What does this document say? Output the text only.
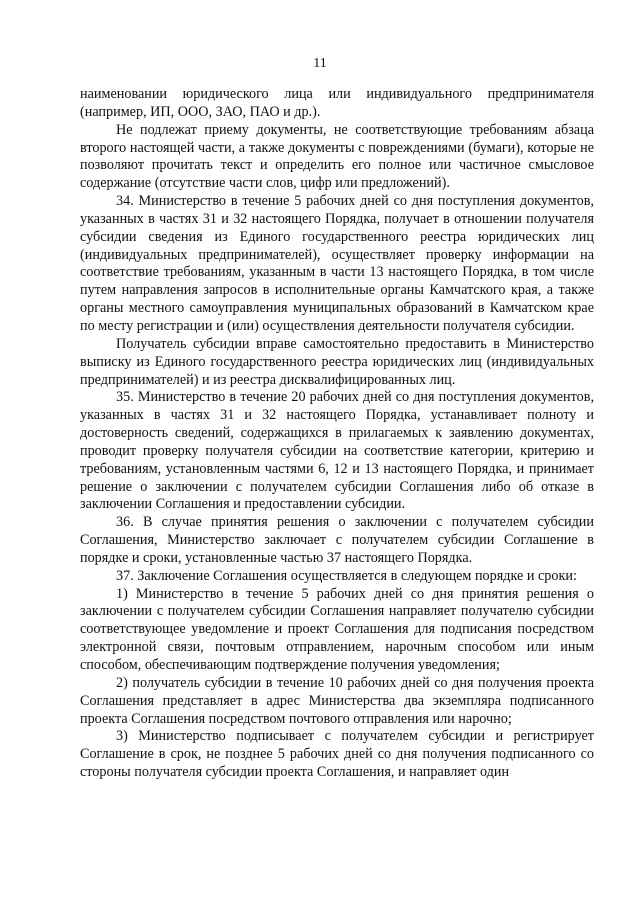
11

наименовании юридического лица или индивидуального предпринимателя (например, ИП, ООО, ЗАО, ПАО и др.).

Не подлежат приему документы, не соответствующие требованиям абзаца второго настоящей части, а также документы с повреждениями (бумаги), которые не позволяют прочитать текст и определить его полное или частичное смысловое содержание (отсутствие части слов, цифр или предложений).

34. Министерство в течение 5 рабочих дней со дня поступления документов, указанных в частях 31 и 32 настоящего Порядка, получает в отношении получателя субсидии сведения из Единого государственного реестра юридических лиц (индивидуальных предпринимателей), осуществляет проверку информации на соответствие требованиям, указанным в части 13 настоящего Порядка, в том числе путем направления запросов в исполнительные органы Камчатского края, а также органы местного самоуправления муниципальных образований в Камчатском крае по месту регистрации и (или) осуществления деятельности получателя субсидии.

Получатель субсидии вправе самостоятельно предоставить в Министерство выписку из Единого государственного реестра юридических лиц (индивидуальных предпринимателей) и из реестра дисквалифицированных лиц.

35. Министерство в течение 20 рабочих дней со дня поступления документов, указанных в частях 31 и 32 настоящего Порядка, устанавливает полноту и достоверность сведений, содержащихся в прилагаемых к заявлению документах, проводит проверку получателя субсидии на соответствие категории, критерию и требованиям, установленным частями 6, 12 и 13 настоящего Порядка, и принимает решение о заключении с получателем субсидии Соглашения либо об отказе в заключении Соглашения и предоставлении субсидии.

36. В случае принятия решения о заключении с получателем субсидии Соглашения, Министерство заключает с получателем субсидии Соглашение в порядке и сроки, установленные частью 37 настоящего Порядка.

37. Заключение Соглашения осуществляется в следующем порядке и сроки:

1) Министерство в течение 5 рабочих дней со дня принятия решения о заключении с получателем субсидии Соглашения направляет получателю субсидии соответствующее уведомление и проект Соглашения для подписания посредством электронной связи, почтовым отправлением, нарочным способом или иным способом, обеспечивающим подтверждение получения уведомления;

2) получатель субсидии в течение 10 рабочих дней со дня получения проекта Соглашения представляет в адрес Министерства два экземпляра подписанного проекта Соглашения посредством почтового отправления или нарочно;

3) Министерство подписывает с получателем субсидии и регистрирует Соглашение в срок, не позднее 5 рабочих дней со дня получения подписанного со стороны получателя субсидии проекта Соглашения, и направляет один
